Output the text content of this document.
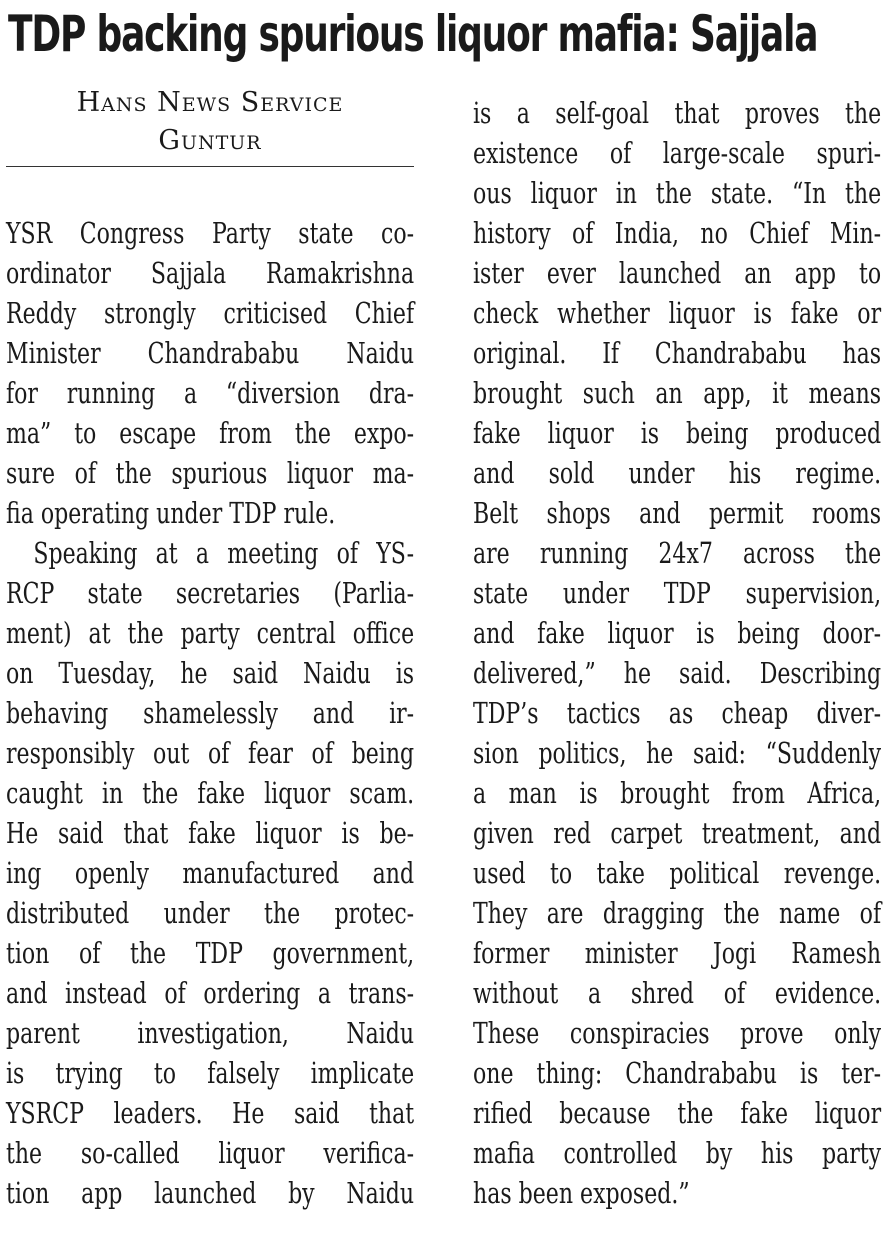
TDP backing spurious liquor mafia: Sajjala
Hans News Service
Guntur
YSR Congress Party state co-
ordinator Sajjala Ramakrishna
Reddy strongly criticised Chief
Minister Chandrababu Naidu
for running a “diversion dra-
ma” to escape from the expo-
sure of the spurious liquor ma-
fia operating under TDP rule.
Speaking at a meeting of YS-
RCP state secretaries (Parlia-
ment) at the party central office
on Tuesday, he said Naidu is
behaving shamelessly and ir-
responsibly out of fear of being
caught in the fake liquor scam.
He said that fake liquor is be-
ing openly manufactured and
distributed under the protec-
tion of the TDP government,
and instead of ordering a trans-
parent investigation, Naidu
is trying to falsely implicate
YSRCP leaders. He said that
the so-called liquor verifica-
tion app launched by Naidu
is a self-goal that proves the
existence of large-scale spuri-
ous liquor in the state. “In the
history of India, no Chief Min-
ister ever launched an app to
check whether liquor is fake or
original. If Chandrababu has
brought such an app, it means
fake liquor is being produced
and sold under his regime.
Belt shops and permit rooms
are running 24x7 across the
state under TDP supervision,
and fake liquor is being door-
delivered,” he said. Describing
TDP’s tactics as cheap diver-
sion politics, he said: “Suddenly
a man is brought from Africa,
given red carpet treatment, and
used to take political revenge.
They are dragging the name of
former minister Jogi Ramesh
without a shred of evidence.
These conspiracies prove only
one thing: Chandrababu is ter-
rified because the fake liquor
mafia controlled by his party
has been exposed.”
